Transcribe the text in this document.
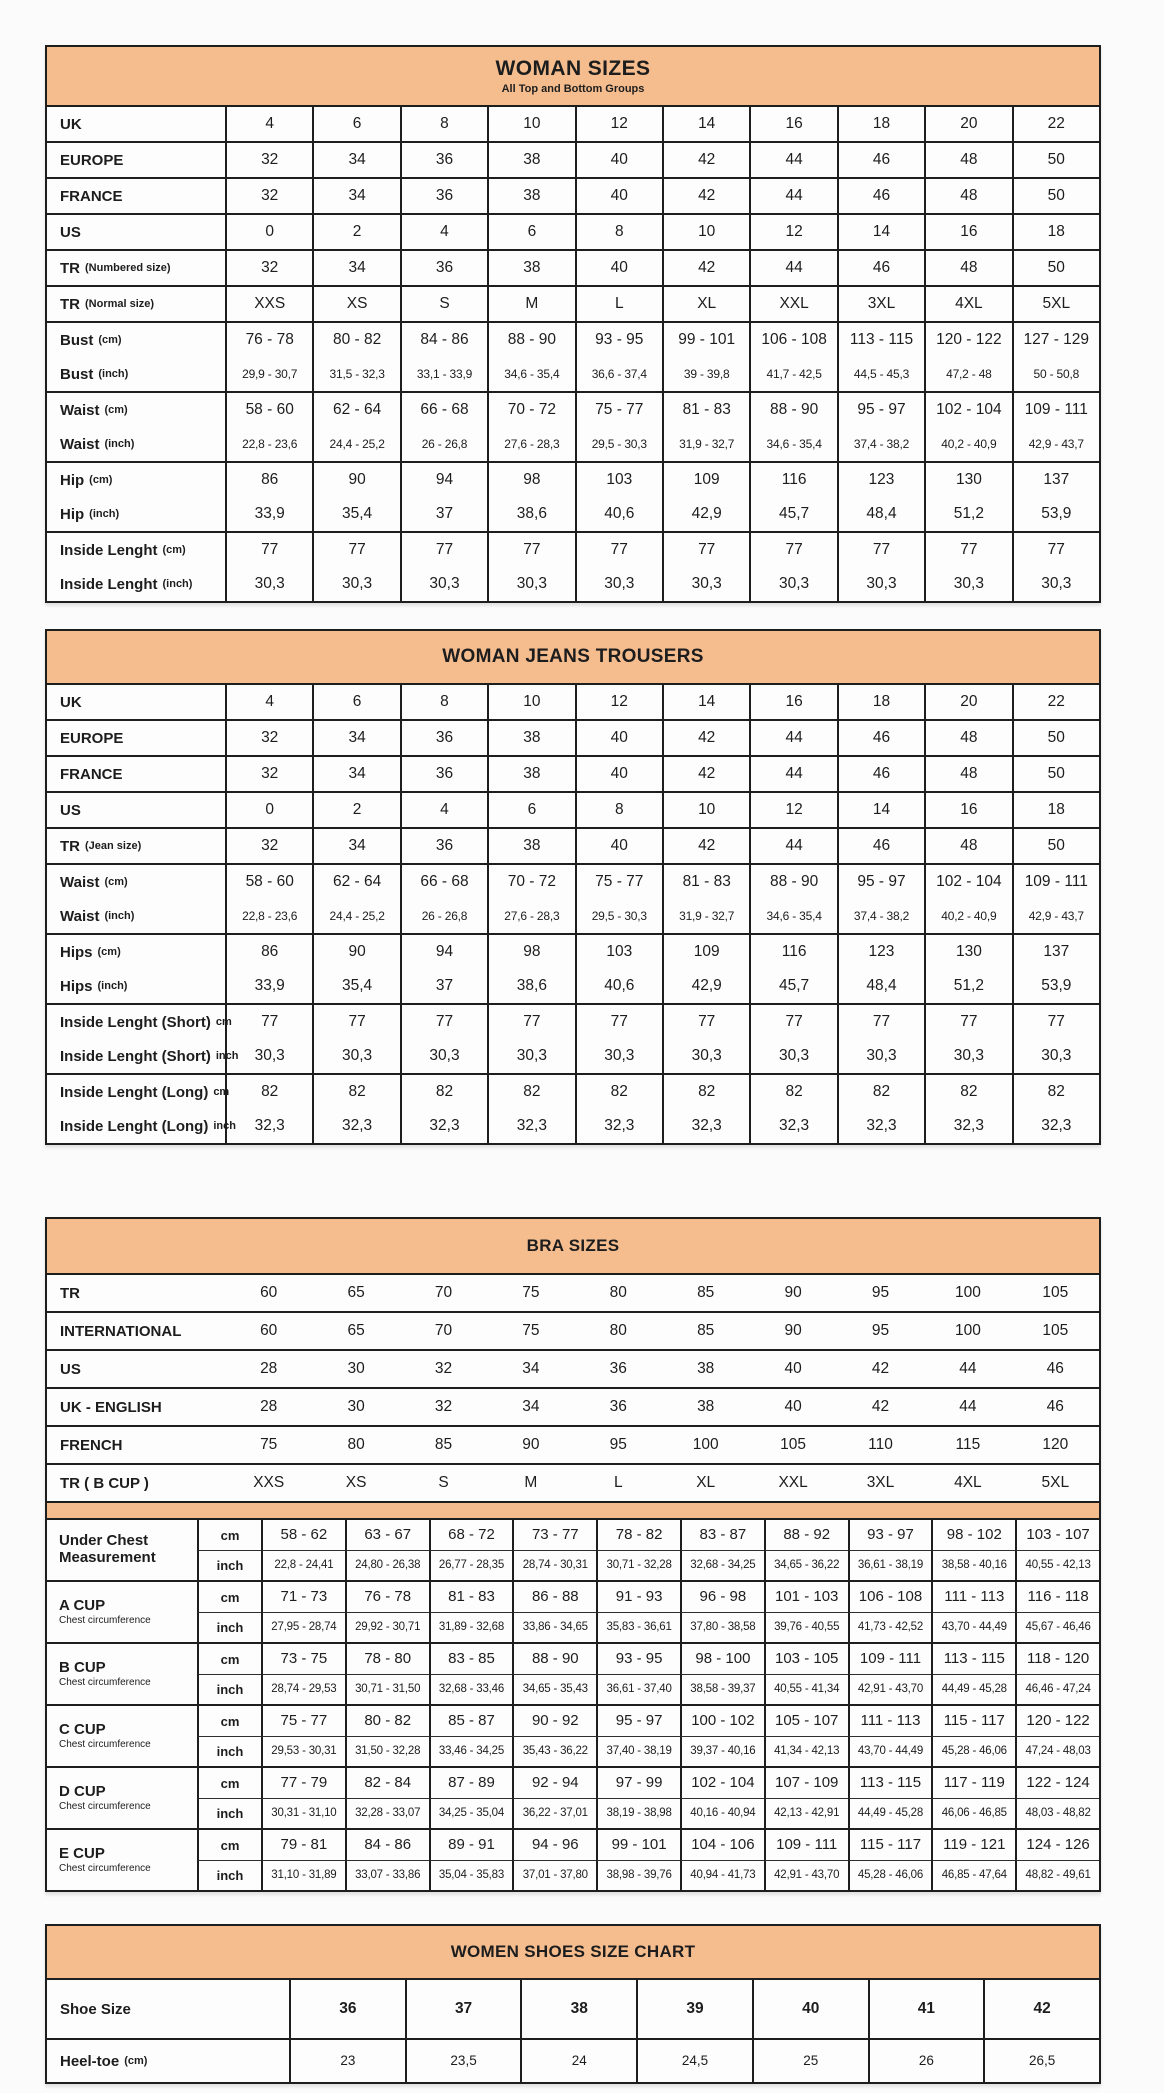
WOMAN SIZES
All Top and Bottom Groups
UK	4	6	8	10	12	14	16	18	20	22
EUROPE	32	34	36	38	40	42	44	46	48	50
FRANCE	32	34	36	38	40	42	44	46	48	50
US	0	2	4	6	8	10	12	14	16	18
TR (Numbered size)	32	34	36	38	40	42	44	46	48	50
TR (Normal size)	XXS	XS	S	M	L	XL	XXL	3XL	4XL	5XL
Bust (cm)	76 - 78	80 - 82	84 - 86	88 - 90	93 - 95	99 - 101	106 - 108	113 - 115	120 - 122	127 - 129
Bust (inch)	29,9 - 30,7	31,5 - 32,3	33,1 - 33,9	34,6 - 35,4	36,6 - 37,4	39 - 39,8	41,7 - 42,5	44,5 - 45,3	47,2 - 48	50 - 50,8
Waist (cm)	58 - 60	62 - 64	66 - 68	70 - 72	75 - 77	81 - 83	88 - 90	95 - 97	102 - 104	109 - 111
Waist (inch)	22,8 - 23,6	24,4 - 25,2	26 - 26,8	27,6 - 28,3	29,5 - 30,3	31,9 - 32,7	34,6 - 35,4	37,4 - 38,2	40,2 - 40,9	42,9 - 43,7
Hip (cm)	86	90	94	98	103	109	116	123	130	137
Hip (inch)	33,9	35,4	37	38,6	40,6	42,9	45,7	48,4	51,2	53,9
Inside Lenght (cm)	77	77	77	77	77	77	77	77	77	77
Inside Lenght (inch)	30,3	30,3	30,3	30,3	30,3	30,3	30,3	30,3	30,3	30,3
WOMAN JEANS TROUSERS
UK	4	6	8	10	12	14	16	18	20	22
EUROPE	32	34	36	38	40	42	44	46	48	50
FRANCE	32	34	36	38	40	42	44	46	48	50
US	0	2	4	6	8	10	12	14	16	18
TR (Jean size)	32	34	36	38	40	42	44	46	48	50
Waist (cm)	58 - 60	62 - 64	66 - 68	70 - 72	75 - 77	81 - 83	88 - 90	95 - 97	102 - 104	109 - 111
Waist (inch)	22,8 - 23,6	24,4 - 25,2	26 - 26,8	27,6 - 28,3	29,5 - 30,3	31,9 - 32,7	34,6 - 35,4	37,4 - 38,2	40,2 - 40,9	42,9 - 43,7
Hips (cm)	86	90	94	98	103	109	116	123	130	137
Hips (inch)	33,9	35,4	37	38,6	40,6	42,9	45,7	48,4	51,2	53,9
Inside Lenght (Short) cm	77	77	77	77	77	77	77	77	77	77
Inside Lenght (Short) inch	30,3	30,3	30,3	30,3	30,3	30,3	30,3	30,3	30,3	30,3
Inside Lenght (Long) cm	82	82	82	82	82	82	82	82	82	82
Inside Lenght (Long) inch	32,3	32,3	32,3	32,3	32,3	32,3	32,3	32,3	32,3	32,3
BRA SIZES
TR	60	65	70	75	80	85	90	95	100	105
INTERNATIONAL	60	65	70	75	80	85	90	95	100	105
US	28	30	32	34	36	38	40	42	44	46
UK - ENGLISH	28	30	32	34	36	38	40	42	44	46
FRENCH	75	80	85	90	95	100	105	110	115	120
TR ( B CUP )	XXS	XS	S	M	L	XL	XXL	3XL	4XL	5XL
Under Chest Measurement
cm	58 - 62	63 - 67	68 - 72	73 - 77	78 - 82	83 - 87	88 - 92	93 - 97	98 - 102	103 - 107
inch	22,8 - 24,41	24,80 - 26,38	26,77 - 28,35	28,74 - 30,31	30,71 - 32,28	32,68 - 34,25	34,65 - 36,22	36,61 - 38,19	38,58 - 40,16	40,55 - 42,13
A CUP
Chest circumference
cm	71 - 73	76 - 78	81 - 83	86 - 88	91 - 93	96 - 98	101 - 103	106 - 108	111 - 113	116 - 118
inch	27,95 - 28,74	29,92 - 30,71	31,89 - 32,68	33,86 - 34,65	35,83 - 36,61	37,80 - 38,58	39,76 - 40,55	41,73 - 42,52	43,70 - 44,49	45,67 - 46,46
B CUP
Chest circumference
cm	73 - 75	78 - 80	83 - 85	88 - 90	93 - 95	98 - 100	103 - 105	109 - 111	113 - 115	118 - 120
inch	28,74 - 29,53	30,71 - 31,50	32,68 - 33,46	34,65 - 35,43	36,61 - 37,40	38,58 - 39,37	40,55 - 41,34	42,91 - 43,70	44,49 - 45,28	46,46 - 47,24
C CUP
Chest circumference
cm	75 - 77	80 - 82	85 - 87	90 - 92	95 - 97	100 - 102	105 - 107	111 - 113	115 - 117	120 - 122
inch	29,53 - 30,31	31,50 - 32,28	33,46 - 34,25	35,43 - 36,22	37,40 - 38,19	39,37 - 40,16	41,34 - 42,13	43,70 - 44,49	45,28 - 46,06	47,24 - 48,03
D CUP
Chest circumference
cm	77 - 79	82 - 84	87 - 89	92 - 94	97 - 99	102 - 104	107 - 109	113 - 115	117 - 119	122 - 124
inch	30,31 - 31,10	32,28 - 33,07	34,25 - 35,04	36,22 - 37,01	38,19 - 38,98	40,16 - 40,94	42,13 - 42,91	44,49 - 45,28	46,06 - 46,85	48,03 - 48,82
E CUP
Chest circumference
cm	79 - 81	84 - 86	89 - 91	94 - 96	99 - 101	104 - 106	109 - 111	115 - 117	119 - 121	124 - 126
inch	31,10 - 31,89	33,07 - 33,86	35,04 - 35,83	37,01 - 37,80	38,98 - 39,76	40,94 - 41,73	42,91 - 43,70	45,28 - 46,06	46,85 - 47,64	48,82 - 49,61
WOMEN SHOES SIZE CHART
Shoe Size	36	37	38	39	40	41	42
Heel-toe (cm)	23	23,5	24	24,5	25	26	26,5
